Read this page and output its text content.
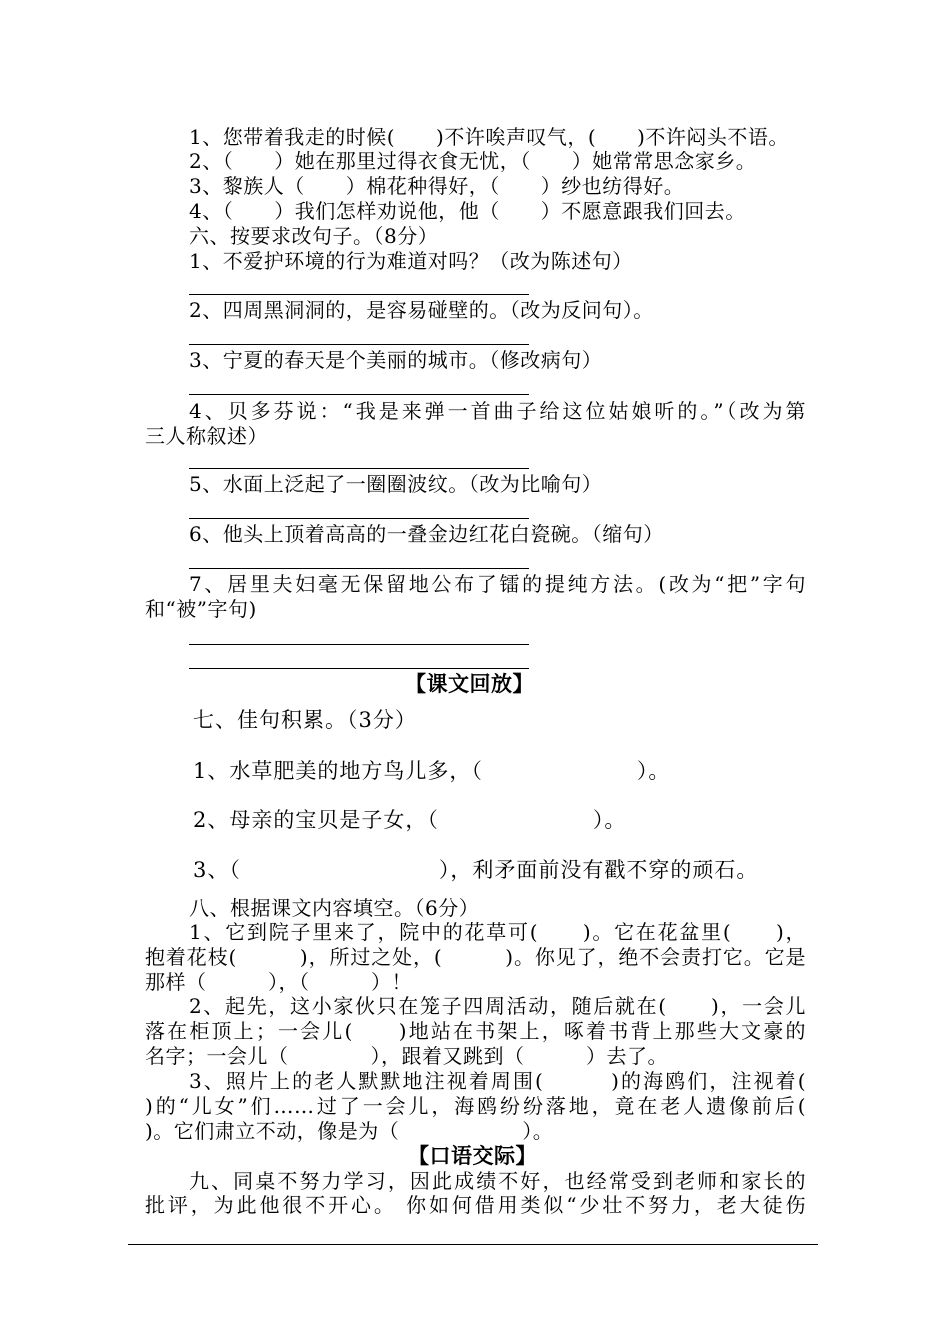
1、您带着我走的时候(　　)不许唉声叹气，(　　)不许闷头不语。
2、（　　）她在那里过得衣食无忧，（　　）她常常思念家乡。
3、黎族人（　　）棉花种得好，（　　）纱也纺得好。
4、（　　）我们怎样劝说他，他（　　）不愿意跟我们回去。
六、按要求改句子。（8分）
1、不爱护环境的行为难道对吗？（改为陈述句）
2、四周黑洞洞的，是容易碰壁的。（改为反问句）。
3、宁夏的春天是个美丽的城市。（修改病句）
4、贝多芬说：“我是来弹一首曲子给这位姑娘听的。”（改为第
三人称叙述）
5、水面上泛起了一圈圈波纹。（改为比喻句）
6、他头上顶着高高的一叠金边红花白瓷碗。（缩句）
7、居里夫妇毫无保留地公布了镭的提纯方法。(改为“把”字句
和“被”字句)
【课文回放】
七、佳句积累。（3分）
1、水草肥美的地方鸟儿多，（　　　　　　　）。
2、母亲的宝贝是子女，（　　　　　　　）。
3、（　　　　　　　　　），利矛面前没有戳不穿的顽石。
八、根据课文内容填空。（6分）
1、它到院子里来了，院中的花草可(　　)。它在花盆里(　　)，
抱着花枝(　　　)，所过之处，(　　　)。你见了，绝不会责打它。它是
那样（　　　），（　　　）！
2、起先，这小家伙只在笼子四周活动，随后就在(　　)，一会儿
落在柜顶上；一会儿(　　)地站在书架上，啄着书背上那些大文豪的
名字；一会儿（　　　　），跟着又跳到（　　　）去了。
3、照片上的老人默默地注视着周围(　　　)的海鸥们，注视着(
)的“儿女”们……过了一会儿，海鸥纷纷落地，竟在老人遗像前后(
)。它们肃立不动，像是为（　　　　　　）。
【口语交际】
九、同桌不努力学习，因此成绩不好，也经常受到老师和家长的
批评，为此他很不开心。 你如何借用类似“少壮不努力，老大徒伤
